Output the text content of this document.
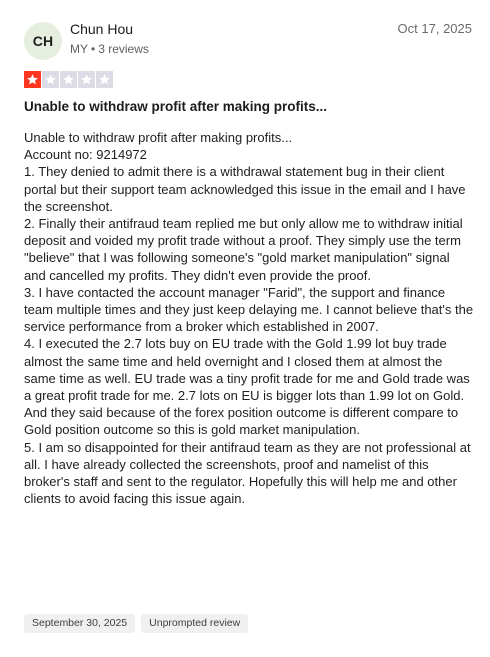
CH
Chun Hou
MY • 3 reviews
Oct 17, 2025
Unable to withdraw profit after making profits...

Unable to withdraw profit after making profits...

Account no: 9214972

1. They denied to admit there is a withdrawal statement bug in their client portal but their support team acknowledged this issue in the email and I have the screenshot.

2. Finally their antifraud team replied me but only allow me to withdraw initial deposit and voided my profit trade without a proof. They simply use the term "believe" that I was following someone's "gold market manipulation" signal and cancelled my profits. They didn't even provide the proof.

3. I have contacted the account manager "Farid", the support and finance team multiple times and they just keep delaying me. I cannot believe that's the service performance from a broker which established in 2007.

4. I executed the 2.7 lots buy on EU trade with the Gold 1.99 lot buy trade almost the same time and held overnight and I closed them at almost the same time as well. EU trade was a tiny profit trade for me and Gold trade was a great profit trade for me. 2.7 lots on EU is bigger lots than 1.99 lot on Gold. And they said because of the forex position outcome is different compare to Gold position outcome so this is gold market manipulation.

5. I am so disappointed for their antifraud team as they are not professional at all. I have already collected the screenshots, proof and namelist of this broker's staff and sent to the regulator. Hopefully this will help me and other clients to avoid facing this issue again.

September 30, 2025	Unprompted review
